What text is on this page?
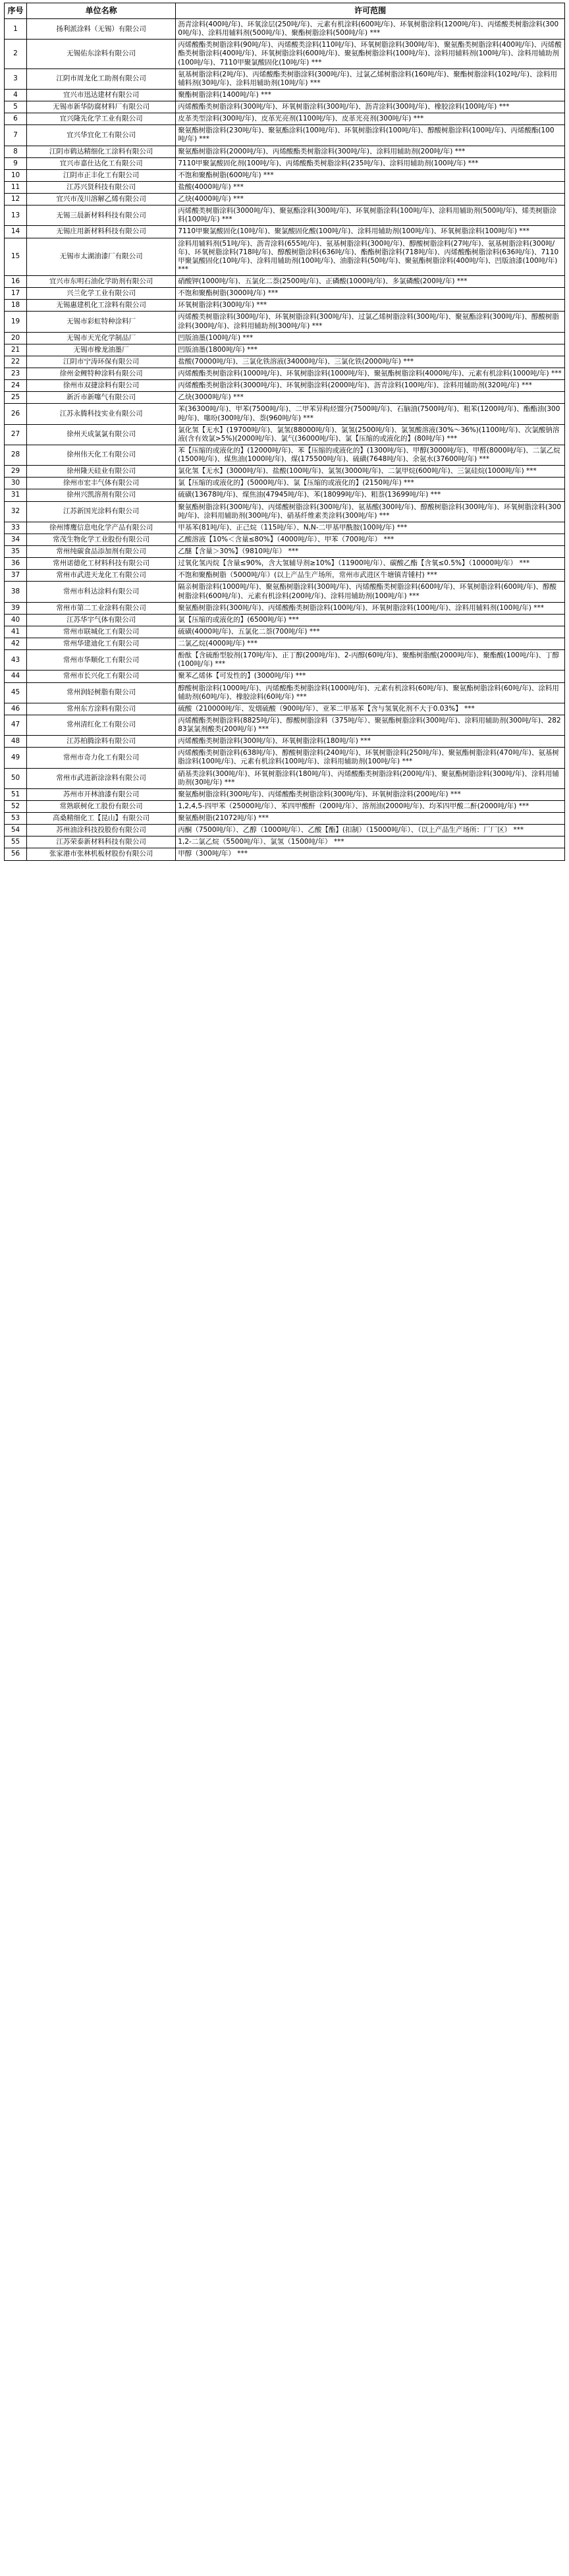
序号	单位名称	许可范围
1	扬利派涂料（无锡）有限公司	沥青涂料(400吨/年)、环氧涂层(250吨/年)、元素有机涂料(600吨/年)、环氧树脂涂料(1200吨/年)、丙烯酸类树脂涂料(3000吨/年)、涂料用辅料剂(500吨/年)、聚酯树脂涂料(500吨/年) ***
2	无锡佑东涂料有限公司	丙烯酸酯类树脂涂料(90吨/年)、丙烯酸类涂料(110吨/年)、环氧树脂涂料(300吨/年)、聚氨酯类树脂涂料(400吨/年)、丙烯酸酯类树脂涂料(400吨/年)、环氧树脂涂料(600吨/年)、聚氨酯树脂涂料(100吨/年)、涂料用辅料剂(100吨/年)、涂料用辅助剂(100吨/年)、7110甲聚氯酸固化(10吨/年) ***
3	江阴市周龙化工助剂有限公司	氨基树脂涂料(2吨/年)、丙烯酸酯类树脂涂料(300吨/年)、过氯乙烯树脂涂料(160吨/年)、聚酯树脂涂料(102吨/年)、涂料用辅料剂(30吨/年)、涂料用辅助剂(10吨/年) ***
4	宜兴市迅达建材有限公司	聚酯树脂涂料(1400吨/年) ***
5	无锡市新华防腐材料厂有限公司	丙烯酸酯类树脂涂料(300吨/年)、环氧树脂涂料(300吨/年)、沥青涂料(300吨/年)、橡胶涂料(100吨/年) ***
6	宜兴隆先化学工业有限公司	皮革类型涂料(300吨/年)、皮革光亮剂(1100吨/年)、皮革光亮剂(300吨/年) ***
7	宜兴华宜化工有限公司	聚氨酯树脂涂料(230吨/年)、聚氨酯涂料(100吨/年)、环氧树脂涂料(100吨/年)、醇酸树脂涂料(100吨/年)、丙烯酸酯(100吨/年) ***
8	江阴市鹤达精细化工涂料有限公司	聚氨酯树脂涂料(2000吨/年)、丙烯酸酯类树脂涂料(300吨/年)、涂料用辅助剂(200吨/年) ***
9	宜兴市嘉仕达化工有限公司	7110甲聚氯酸固化剂(100吨/年)、丙烯酸酯类树脂涂料(235吨/年)、涂料用辅助剂(100吨/年) ***
10	江阴市正丰化工有限公司	不饱和聚酯树脂(600吨/年) ***
11	江苏兴贤科技有限公司	盐酸(4000吨/年) ***
12	宜兴市茂川溶解乙烯有限公司	乙炔(4000吨/年) ***
13	无锡三晨新材料科技有限公司	丙烯酸类树脂涂料(3000吨/年)、聚氨酯涂料(300吨/年)、环氧树脂涂料(100吨/年)、涂料用辅助剂(500吨/年)、烯类树脂涂料(100吨/年) ***
14	无锡庄用新材料科技有限公司	7110甲聚氯酸固化(10吨/年)、聚氯酸固化酸(100吨/年)、涂料用辅助剂(100吨/年)、环氧树脂涂料(100吨/年) ***
15	无锡市太湖油漆厂有限公司	涂料用辅料剂(51吨/年)、沥青涂料(655吨/年)、氨基树脂涂料(300吨/年)、醇酸树脂涂料(27吨/年)、氨基树脂涂料(300吨/年)、环氧树脂涂料(718吨/年)、醇酸树脂涂料(636吨/年)、酯酯树脂涂料(718吨/年)、丙烯酸酯树脂涂料(636吨/年)、7110甲聚氯酸固化(10吨/年)、涂料用辅助剂(100吨/年)、油脂涂料(50吨/年)、聚氨酯树脂涂料(400吨/年)、凹版油漆(100吨/年) ***
16	宜兴市东明石油化学助剂有限公司	硝酸钾(1000吨/年)、五氯化二萘(2500吨/年)、正磷酸(1000吨/年)、多氯磷酸(200吨/年) ***
17	兴兰化学工业有限公司	不饱和聚酯树脂(3000吨/年) ***
18	无锡惠建机化工涂料有限公司	环氧树脂涂料(300吨/年) ***
19	无锡市彩虹特种涂料厂	丙烯酸类树脂涂料(300吨/年)、环氧树脂涂料(300吨/年)、过氯乙烯树脂涂料(300吨/年)、聚氨酯涂料(300吨/年)、醇酸树脂涂料(300吨/年)、涂料用辅助剂(300吨/年) ***
20	无锡市天光化学制品厂	凹版油墨(100吨/年) ***
21	无锡市橡龙油墨厂	凹版油墨(1800吨/年) ***
22	江阴市宁涛环保有限公司	盐酸(70000吨/年)、三氯化铁溶液(34000吨/年)、三氯化铁(2000吨/年) ***
23	徐州金鲤特种涂料有限公司	丙烯酸酯类树脂涂料(1000吨/年)、环氧树脂涂料(1000吨/年)、聚氨酯树脂涂料(4000吨/年)、元素有机涂料(1000吨/年) ***
24	徐州市双捷涂料有限公司	丙烯酸酯类树脂涂料(3000吨/年)、环氧树脂涂料(2000吨/年)、沥青涂料(100吨/年)、涂料用辅助剂(320吨/年) ***
25	新沂市新噻气有限公司	乙炔(3000吨/年) ***
26	江苏永腾科技实业有限公司	苯(36300吨/年)、甲苯(7500吨/年)、二甲苯异构烃馏分(7500吨/年)、石脑油(7500吨/年)、粗苯(1200吨/年)、酯酯油(300吨/年)、噻吩(300吨/年)、萘(960吨/年) ***
27	徐州天成氯氯有限公司	氯化氢【无水】(19700吨/年)、氯氢(88000吨/年)、氯氢(2500吨/年)、氯氢酸溶液(30%～36%)(1100吨/年)、次氯酸钠溶液(含有效氯>5%)(2000吨/年)、氯气(36000吨/年)、氯【压缩的或液化的】(80吨/年) ***
28	徐州伟天化工有限公司	苯【压缩的或液化的】(12000吨/年)、苯【压缩的或液化的】(1300吨/年)、甲醇(3000吨/年)、甲醛(8000吨/年)、二氯乙烷(1500吨/年)、煤焦油(1000吨/年)、煤(175500吨/年)、硫磺(7648吨/年)、余氨水(37600吨/年) ***
29	徐州隆天硅业有限公司	氯化氢【无水】(3000吨/年)、盐酸(100吨/年)、氯氢(3000吨/年)、二氯甲烷(600吨/年)、三氯硅烷(1000吨/年) ***
30	徐州市宏丰气体有限公司	氯【压缩的或液化的】(5000吨/年)、氯【压缩的或液化的】(2150吨/年) ***
31	徐州兴凯溶剂有限公司	硫磺(13678吨/年)、煤焦油(47945吨/年)、苯(18099吨/年)、粗萘(13699吨/年) ***
32	江苏新国光涂料有限公司	聚氨酯树脂涂料(300吨/年)、丙烯酸树脂涂料(300吨/年)、氨基酸(300吨/年)、醇酸树脂涂料(300吨/年)、环氧树脂涂料(300吨/年)、涂料用辅助剂(300吨/年)、硝基纤维素类涂料(300吨/年) ***
33	徐州博鹰信息电化学产品有限公司	甲基苯(81吨/年)、正己烷（115吨/年）、N,N-二甲基甲酰胺(100吨/年) ***
34	常茂生物化学工业股份有限公司	乙酸溶液【10%＜含量≤80%】（4000吨/年）、甲苯（700吨/年） ***
35	常州纯碳食品添加剂有限公司	乙醚【含量＞30%】（9810吨/年） ***
36	常州诺德化工材料科技有限公司	过氧化氢丙烷【含量≤90%，含大氢辅导剂≥10%】（11900吨/年）、碳酸乙酯【含氧≤0.5%】（10000吨/年） ***
37	常州市武进天龙化工有限公司	不饱和聚酯树脂（5000吨/年）(以上产品生产场所，常州市武进区牛塘镇青锺村) ***
38	常州市科达涂料有限公司	隔亲树脂涂料(1000吨/年)、聚氨酯树脂涂料(300吨/年)、丙烯酸酯类树脂涂料(600吨/年)、环氧树脂涂料(600吨/年)、醇酸树脂涂料(600吨/年)、元素有机涂料(200吨/年)、涂料用辅助剂(100吨/年) ***
39	常州市第二工业涂料有限公司	聚氨酯树脂涂料(300吨/年)、丙烯酸酯类树脂涂料(100吨/年)、环氧树脂涂料(100吨/年)、涂料用辅料剂(100吨/年) ***
40	江苏华宇气体有限公司	氯【压缩的或液化的】(6500吨/年) ***
41	常州市联城化工有限公司	硫磺(4000吨/年)、五氯化二萘(700吨/年) ***
42	常州华建迪化工有限公司	二氯乙烷(4000吨/年) ***
43	常州市华顺化工有限公司	酚酞【含硫酚型胶剂(170吨/年)、正丁醇(200吨/年)、2-丙醇(60吨/年)、聚酯树脂酸(2000吨/年)、聚酯酸(100吨/年)、丁醇(100吨/年) ***
44	常州市长兴化工有限公司	聚苯乙烯体【可发性的】(3000吨/年) ***
45	常州润轻树脂有限公司	醇酸树脂涂料(1000吨/年)、丙烯酸酯类树脂涂料(1000吨/年)、元素有机涂料(60吨/年)、聚氨酯树脂涂料(60吨/年)、涂料用辅助剂(60吨/年)、橡胶涂料(60吨/年) ***
46	常州东方涂料有限公司	硫酸（210000吨/年、发烟硫酸（900吨/年）、亚苯二甲基苯【含与氢氧化剂不大于0.03%】 ***
47	常州清红化工有限公司	丙烯酸酯类树脂涂料(8825吨/年)、醇酸树脂涂料（375吨/年）、聚氨酯树脂涂料(300吨/年)、涂料用辅助剂(300吨/年)、28283氯氯剂酸类(200吨/年) ***
48	江苏柏腾涂料有限公司	丙烯酸酯类树脂涂料(300吨/年)、环氧树脂涂料(180吨/年) ***
49	常州市奇力化工有限公司	丙烯酸酯类树脂涂料(638吨/年)、醇酸树脂涂料(240吨/年)、环氧树脂涂料(250吨/年)、聚氨酯树脂涂料(470吨/年)、氨基树脂涂料(100吨/年)、元素有机涂料(100吨/年)、涂料用辅助剂(100吨/年) ***
50	常州市武进新涂涂料有限公司	硝基类涂料(300吨/年)、环氧树脂涂料(180吨/年)、丙烯酸酯类树脂涂料(200吨/年)、聚氨酯树脂涂料(300吨/年)、涂料用辅助剂(30吨/年) ***
51	苏州市开林油漆有限公司	聚氨酯树脂涂料(300吨/年)、丙烯酸酯类树脂涂料(300吨/年)、环氧树脂涂料(200吨/年) ***
52	常熟联树化工股份有限公司	1,2,4,5-四甲苯（25000吨/年）、苯四甲酸酐（200吨/年）、溶剂油(2000吨/年)、均苯四甲酸二酐(2000吨/年) ***
53	高桑精细化工【昆山】有限公司	聚氨酯树脂(21072吨/年) ***
54	苏州油涂科技投股份有限公司	丙酮（7500吨/年）、乙醇（1000吨/年）、乙酸【酯】(扣制）（15000吨/年）、（以上产品生产场所：厂厂区） ***
55	江苏荣泰新材料科技有限公司	1,2-二氯乙烷（5500吨/年）、氯氢（1500吨/年） ***
56	张家港市张林机板材股份有限公司	甲醇（300吨/年） ***
